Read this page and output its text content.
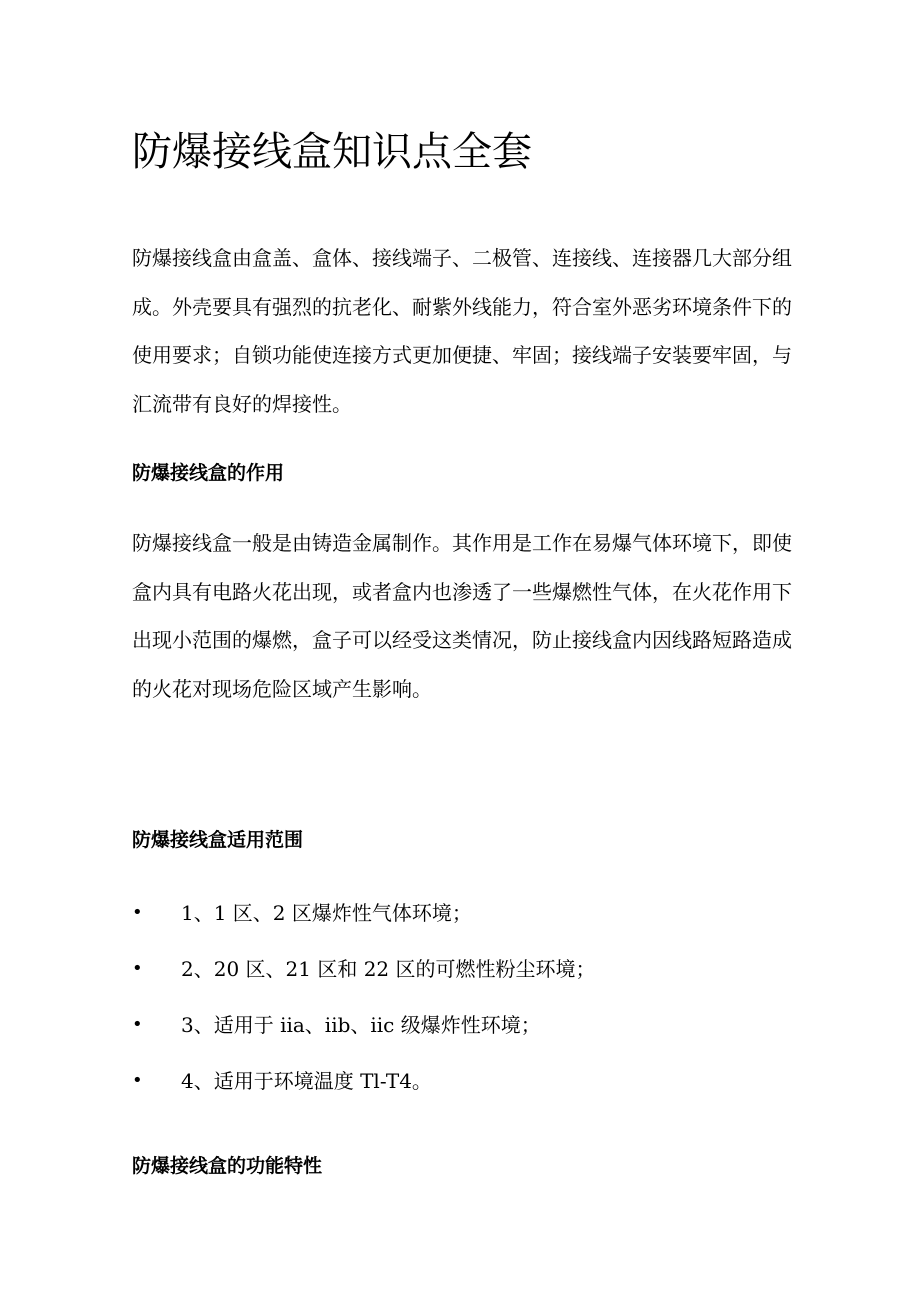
防爆接线盒知识点全套

防爆接线盒由盒盖、盒体、接线端子、二极管、连接线、连接器几大部分组成。外壳要具有强烈的抗老化、耐紫外线能力，符合室外恶劣环境条件下的使用要求；自锁功能使连接方式更加便捷、牢固；接线端子安装要牢固，与汇流带有良好的焊接性。

防爆接线盒的作用

防爆接线盒一般是由铸造金属制作。其作用是工作在易爆气体环境下，即使盒内具有电路火花出现，或者盒内也渗透了一些爆燃性气体，在火花作用下出现小范围的爆燃，盒子可以经受这类情况，防止接线盒内因线路短路造成的火花对现场危险区域产生影响。

防爆接线盒适用范围
•	1、1 区、2 区爆炸性气体环境；
•	2、20 区、21 区和 22 区的可燃性粉尘环境；
•	3、适用于 iia、iib、iic 级爆炸性环境；
•	4、适用于环境温度 Tl-T4。
防爆接线盒的功能特性
